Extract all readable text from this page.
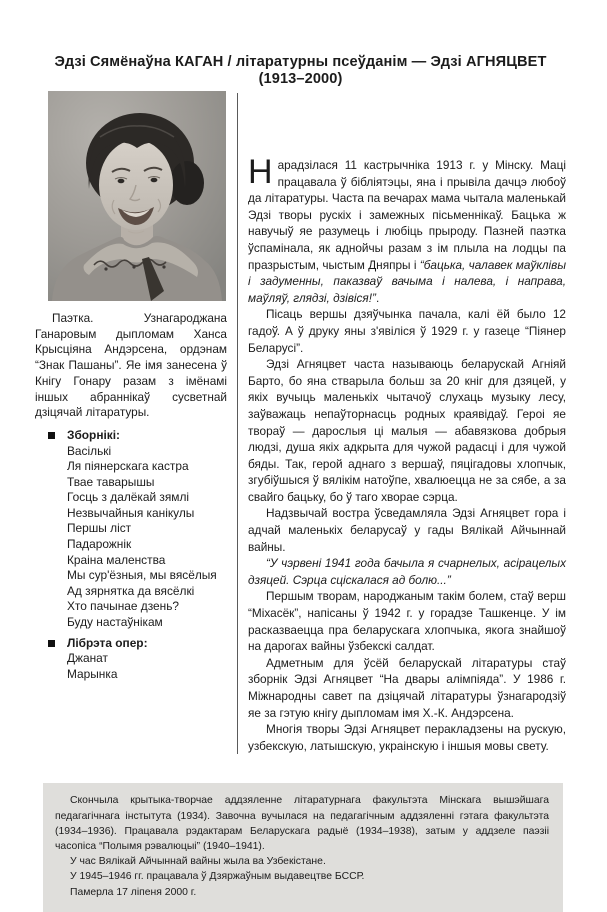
Эдзі Сямёнаўна КАГАН / літаратурны псеўданім — Эдзі АГНЯЦВЕТ
(1913–2000)

Паэтка. Узнагароджана Ганаровым дыпломам Ханса Крысціяна Андэрсена, ордэнам “Знак Пашаны”. Яе імя занесена ў Кнігу Гонару разам з імёнамі іншых абраннікаў сусветнай дзіцячай літаратуры.

Зборнікі:
Васількі
Ля піянерскага кастра
Твае таварышы
Госць з далёкай зямлі
Незвычайныя канікулы
Першы ліст
Падарожнік
Краіна маленства
Мы сур'ёзныя, мы вясёлыя
Ад зярнятка да вясёлкі
Хто пачынае дзень?
Буду настаўнікам
Лібрэта опер:
Джанат
Марынка

Нарадзілася 11 кастрычніка 1913 г. у Мінску. Маці працавала ў бібліятэцы, яна і прывіла дачцэ любоў да літаратуры. Часта па вечарах мама чытала маленькай Эдзі творы рускіх і замежных пісьменнікаў. Бацька ж навучыў яе разумець і любіць прыроду. Пазней паэтка ўспамінала, як аднойчы разам з ім плыла на лодцы па празрыстым, чыстым Дняпры і “бацька, чалавек маўклівы і задуменны, паказваў вачыма і налева, і направа, маўляў, глядзі, дзівіся!”.

Пісаць вершы дзяўчынка пачала, калі ёй было 12 гадоў. А ў друку яны з'явіліся ў 1929 г. у газеце “Піянер Беларусі”.

Эдзі Агняцвет часта называюць беларускай Агніяй Барто, бо яна стварыла больш за 20 кніг для дзяцей, у якіх вучыць маленькіх чытачоў слухаць музыку лесу, заўважаць непаўторнасць родных краявідаў. Героі яе твораў — дарослыя ці малыя — абавязкова добрыя людзі, душа якіх адкрыта для чужой радасці і для чужой бяды. Так, герой аднаго з вершаў, пяцігадовы хлопчык, згубіўшыся ў вялікім натоўпе, хвалюецца не за сябе, а за свайго бацьку, бо ў таго хворае сэрца.

Надзвычай востра ўсведамляла Эдзі Агняцвет гора і адчай маленькіх беларусаў у гады Вялікай Айчыннай вайны.

“У чэрвені 1941 года бачыла я счарнелых, асірацелых дзяцей. Сэрца сціскалася ад болю...”

Першым творам, народжаным такім болем, стаў верш “Міхасёк”, напісаны ў 1942 г. у горадзе Ташкенце. У ім расказваецца пра беларускага хлопчыка, якога знайшоў на дарогах вайны ўзбекскі салдат.

Адметным для ўсёй беларускай літаратуры стаў зборнік Эдзі Агняцвет “На двары алімпіяда”. У 1986 г. Міжнародны савет па дзіцячай літаратуры ўзнагародзіў яе за гэтую кнігу дыпломам імя Х.-К. Андэрсена.

Многія творы Эдзі Агняцвет перакладзены на рускую, узбекскую, латышскую, украінскую і іншыя мовы свету.

Скончыла крытыка-творчае аддзяленне літаратурнага факультэта Мінскага вышэйшага педагагічнага інстытута (1934). Завочна вучылася на педагагічным аддзяленні гэтага факультэта (1934–1936). Працавала рэдактарам Беларускага радыё (1934–1938), затым у аддзеле паэзіі часопіса “Полымя рэвалюцыі” (1940–1941).
У час Вялікай Айчыннай вайны жыла ва Узбекістане.
У 1945–1946 гг. працавала ў Дзяржаўным выдавецтве БССР.
Памерла 17 ліпеня 2000 г.
